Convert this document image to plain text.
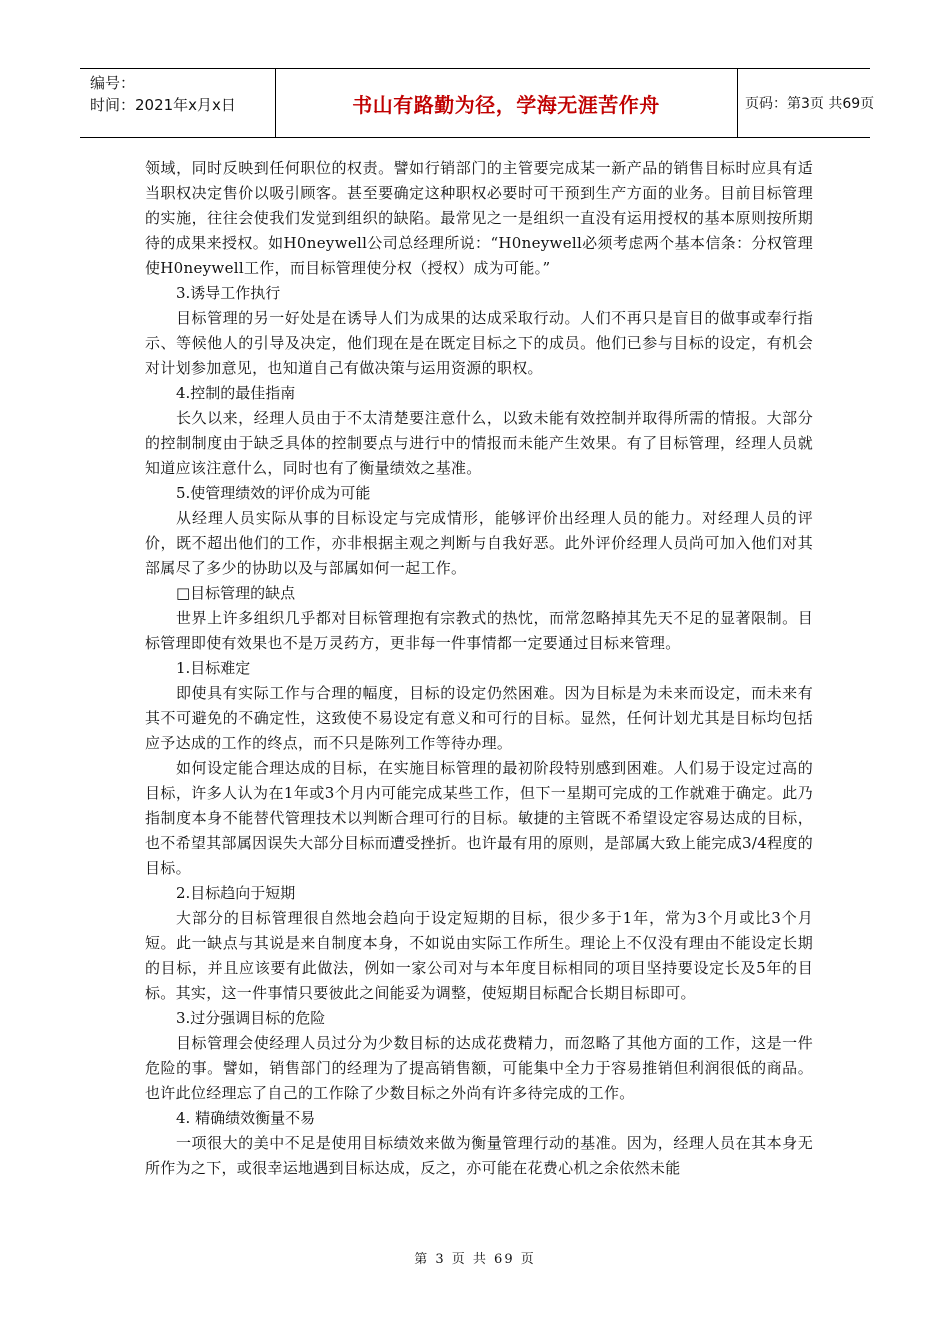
编号：
时间：2021年x月x日	书山有路勤为径，学海无涯苦作舟	页码：第3页 共69页

领域，同时反映到任何职位的权责。譬如行销部门的主管要完成某一新产品的销售目标时应具有适当职权决定售价以吸引顾客。甚至要确定这种职权必要时可干预到生产方面的业务。目前目标管理的实施，往往会使我们发觉到组织的缺陷。最常见之一是组织一直没有运用授权的基本原则按所期待的成果来授权。如H0neywell公司总经理所说：“H0neywell必须考虑两个基本信条：分权管理使H0neywell工作，而目标管理使分权（授权）成为可能。”

3.诱导工作执行

目标管理的另一好处是在诱导人们为成果的达成采取行动。人们不再只是盲目的做事或奉行指示、等候他人的引导及决定，他们现在是在既定目标之下的成员。他们已参与目标的设定，有机会对计划参加意见，也知道自己有做决策与运用资源的职权。

4.控制的最佳指南

长久以来，经理人员由于不太清楚要注意什么，以致未能有效控制并取得所需的情报。大部分的控制制度由于缺乏具体的控制要点与进行中的情报而未能产生效果。有了目标管理，经理人员就知道应该注意什么，同时也有了衡量绩效之基准。

5.使管理绩效的评价成为可能

从经理人员实际从事的目标设定与完成情形，能够评价出经理人员的能力。对经理人员的评价，既不超出他们的工作，亦非根据主观之判断与自我好恶。此外评价经理人员尚可加入他们对其部属尽了多少的协助以及与部属如何一起工作。

□目标管理的缺点

世界上许多组织几乎都对目标管理抱有宗教式的热忱，而常忽略掉其先天不足的显著限制。目标管理即使有效果也不是万灵药方，更非每一件事情都一定要通过目标来管理。

1.目标难定

即使具有实际工作与合理的幅度，目标的设定仍然困难。因为目标是为未来而设定，而未来有其不可避免的不确定性，这致使不易设定有意义和可行的目标。显然，任何计划尤其是目标均包括应予达成的工作的终点，而不只是陈列工作等待办理。

如何设定能合理达成的目标，在实施目标管理的最初阶段特别感到困难。人们易于设定过高的目标，许多人认为在1年或3个月内可能完成某些工作，但下一星期可完成的工作就难于确定。此乃指制度本身不能替代管理技术以判断合理可行的目标。敏捷的主管既不希望设定容易达成的目标，也不希望其部属因误失大部分目标而遭受挫折。也许最有用的原则，是部属大致上能完成3/4程度的目标。

2.目标趋向于短期

大部分的目标管理很自然地会趋向于设定短期的目标，很少多于1年，常为3个月或比3个月短。此一缺点与其说是来自制度本身，不如说由实际工作所生。理论上不仅没有理由不能设定长期的目标，并且应该要有此做法，例如一家公司对与本年度目标相同的项目坚持要设定长及5年的目标。其实，这一件事情只要彼此之间能妥为调整，使短期目标配合长期目标即可。

3.过分强调目标的危险

目标管理会使经理人员过分为少数目标的达成花费精力，而忽略了其他方面的工作，这是一件危险的事。譬如，销售部门的经理为了提高销售额，可能集中全力于容易推销但利润很低的商品。也许此位经理忘了自己的工作除了少数目标之外尚有许多待完成的工作。

4. 精确绩效衡量不易

一项很大的美中不足是使用目标绩效来做为衡量管理行动的基准。因为，经理人员在其本身无所作为之下，或很幸运地遇到目标达成，反之，亦可能在花费心机之余依然未能

第 3 页 共 69 页
